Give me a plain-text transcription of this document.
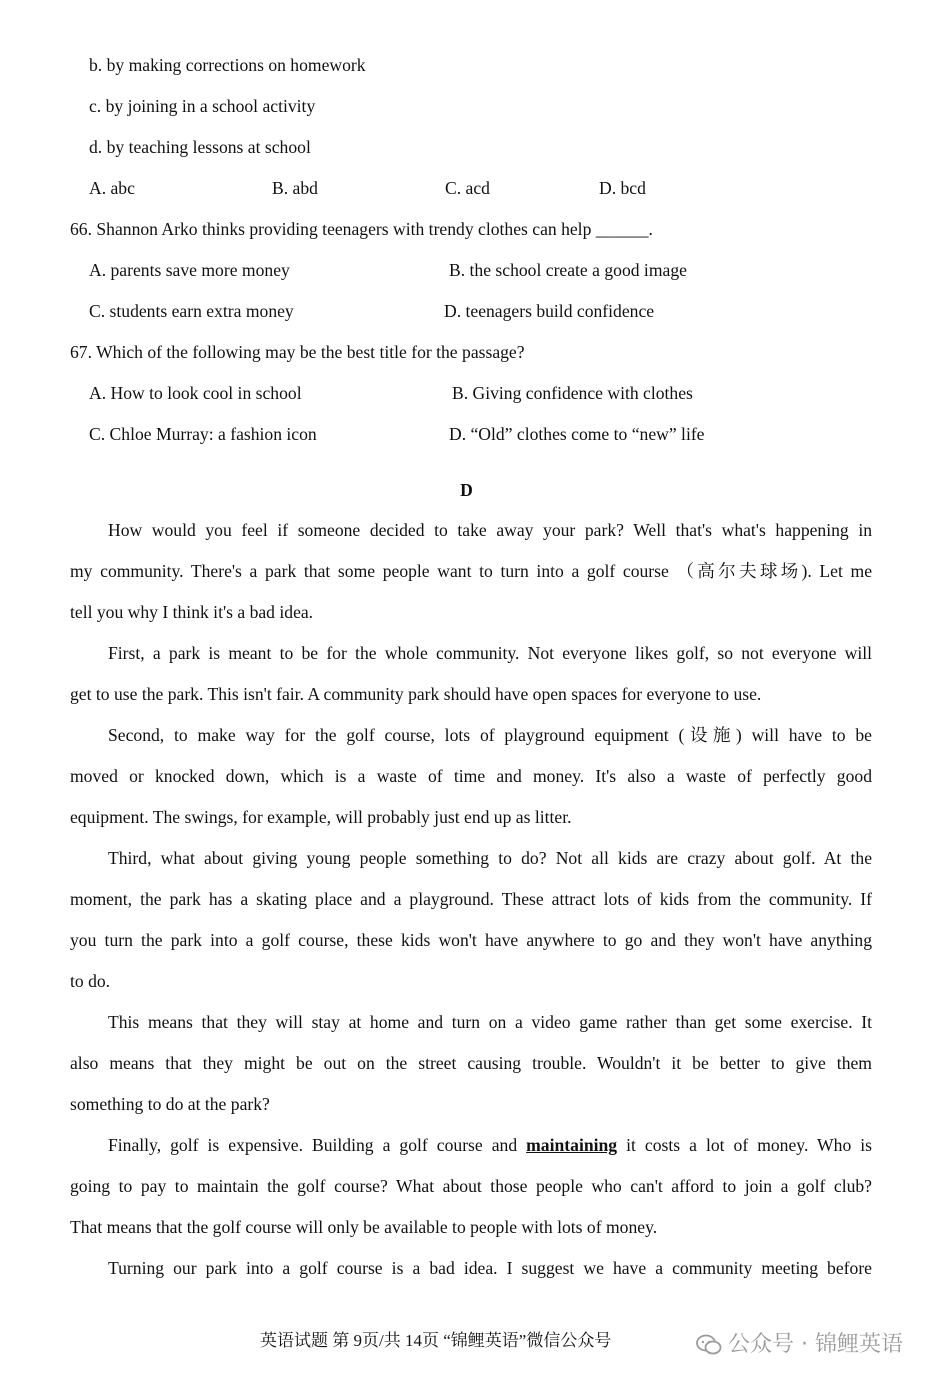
b. by making corrections on homework
c. by joining in a school activity
d. by teaching lessons at school
A. abc	B. abd	C. acd	D. bcd
66. Shannon Arko thinks providing teenagers with trendy clothes can help ______.
A. parents save more money	B. the school create a good image
C. students earn extra money	D. teenagers build confidence
67. Which of the following may be the best title for the passage?
A. How to look cool in school	B. Giving confidence with clothes
C. Chloe Murray: a fashion icon	D. “Old” clothes come to “new” life
D
How would you feel if someone decided to take away your park? Well that's what's happening in
my community. There's a park that some people want to turn into a golf course （高尔夫球场). Let me
tell you why I think it's a bad idea.
First, a park is meant to be for the whole community. Not everyone likes golf, so not everyone will
get to use the park. This isn't fair. A community park should have open spaces for everyone to use.
Second, to make way for the golf course, lots of playground equipment (设施) will have to be
moved or knocked down, which is a waste of time and money. It's also a waste of perfectly good
equipment. The swings, for example, will probably just end up as litter.
Third, what about giving young people something to do? Not all kids are crazy about golf. At the
moment, the park has a skating place and a playground. These attract lots of kids from the community. If
you turn the park into a golf course, these kids won't have anywhere to go and they won't have anything
to do.
This means that they will stay at home and turn on a video game rather than get some exercise. It
also means that they might be out on the street causing trouble. Wouldn't it be better to give them
something to do at the park?
Finally, golf is expensive. Building a golf course and maintaining it costs a lot of money. Who is
going to pay to maintain the golf course? What about those people who can't afford to join a golf club?
That means that the golf course will only be available to people with lots of money.
Turning our park into a golf course is a bad idea. I suggest we have a community meeting before
英语试题 第 9页/共 14页 “锦鲤英语”微信公众号	公众号 · 锦鲤英语
